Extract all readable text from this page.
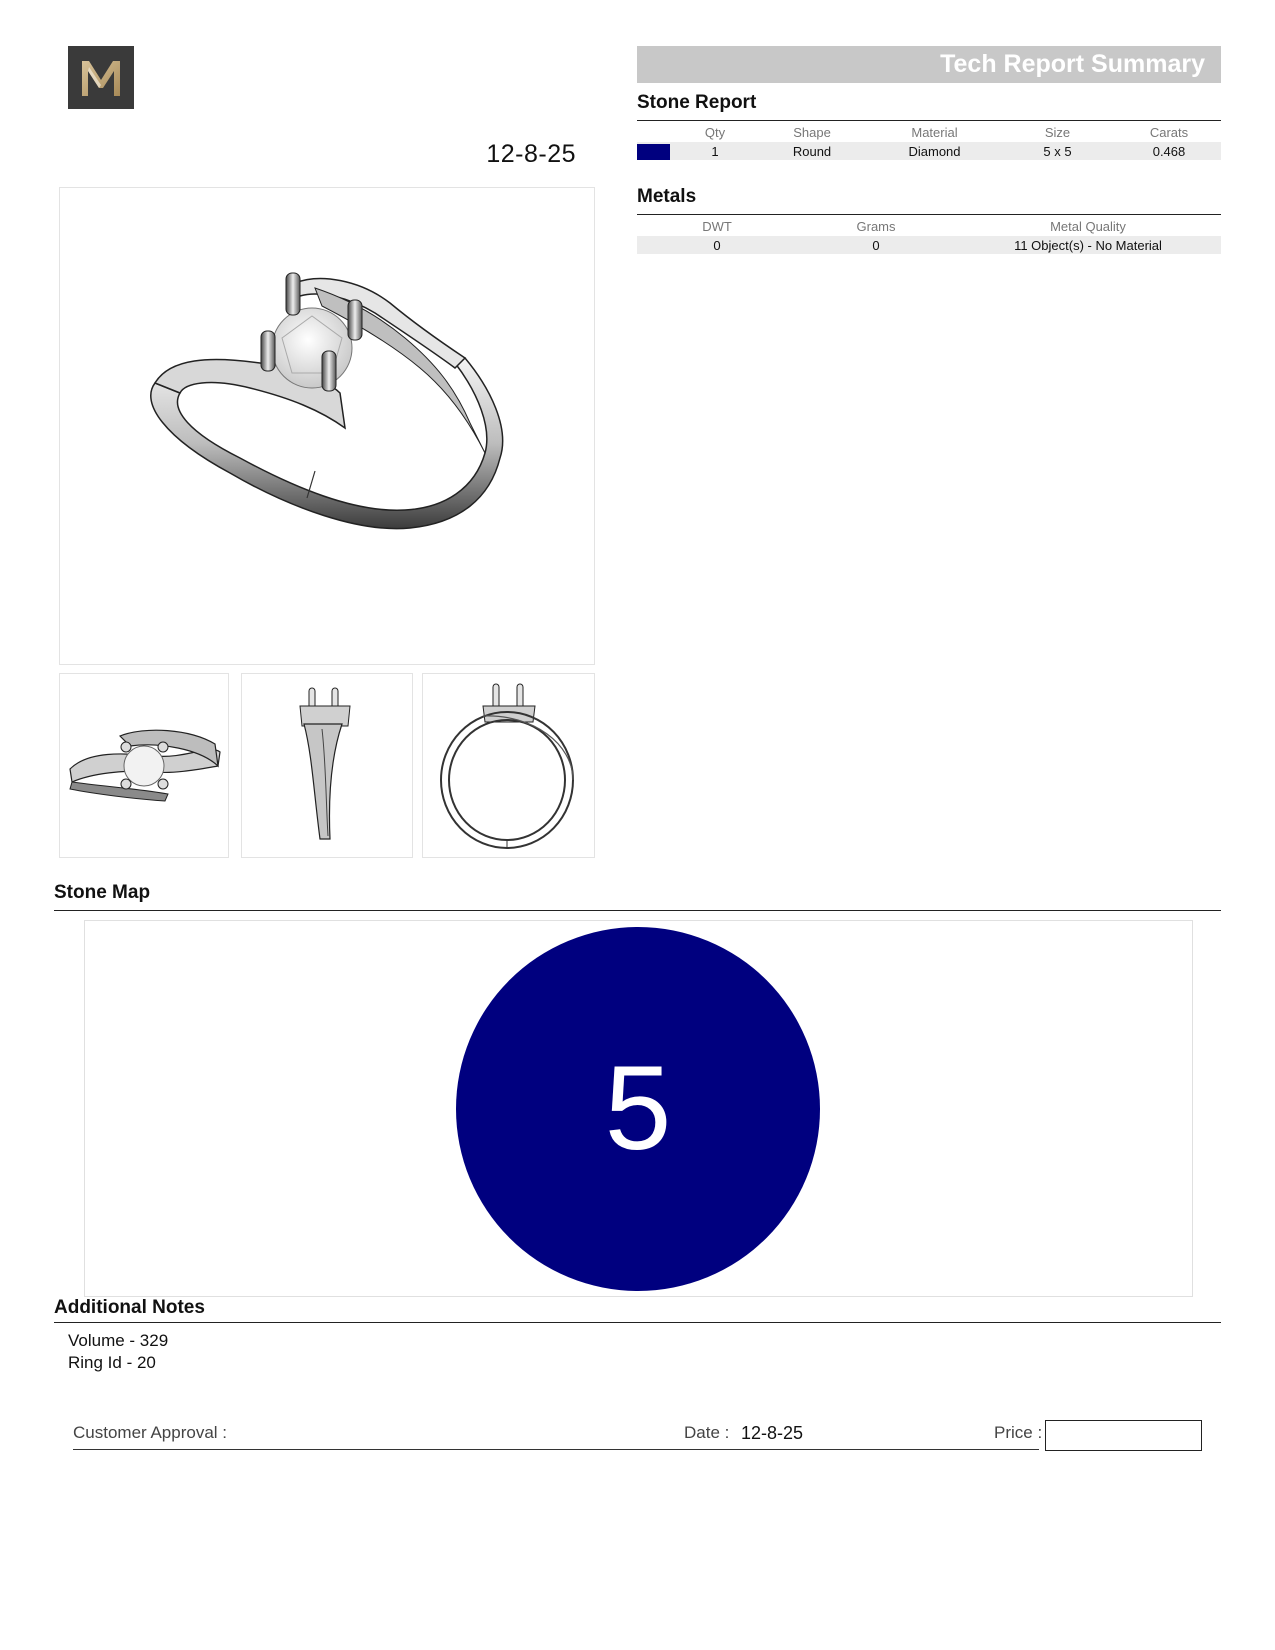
12-8-25
Tech Report Summary
Stone Report
	Qty	Shape	Material	Size	Carats

	1	Round	Diamond	5 x 5	0.468
Metals
DWT	Grams	Metal Quality
0	0	11 Object(s) - No Material
Stone Map
5
Additional Notes
Volume - 329
Ring Id - 20
Customer Approval :	Date : 12-8-25	Price :
